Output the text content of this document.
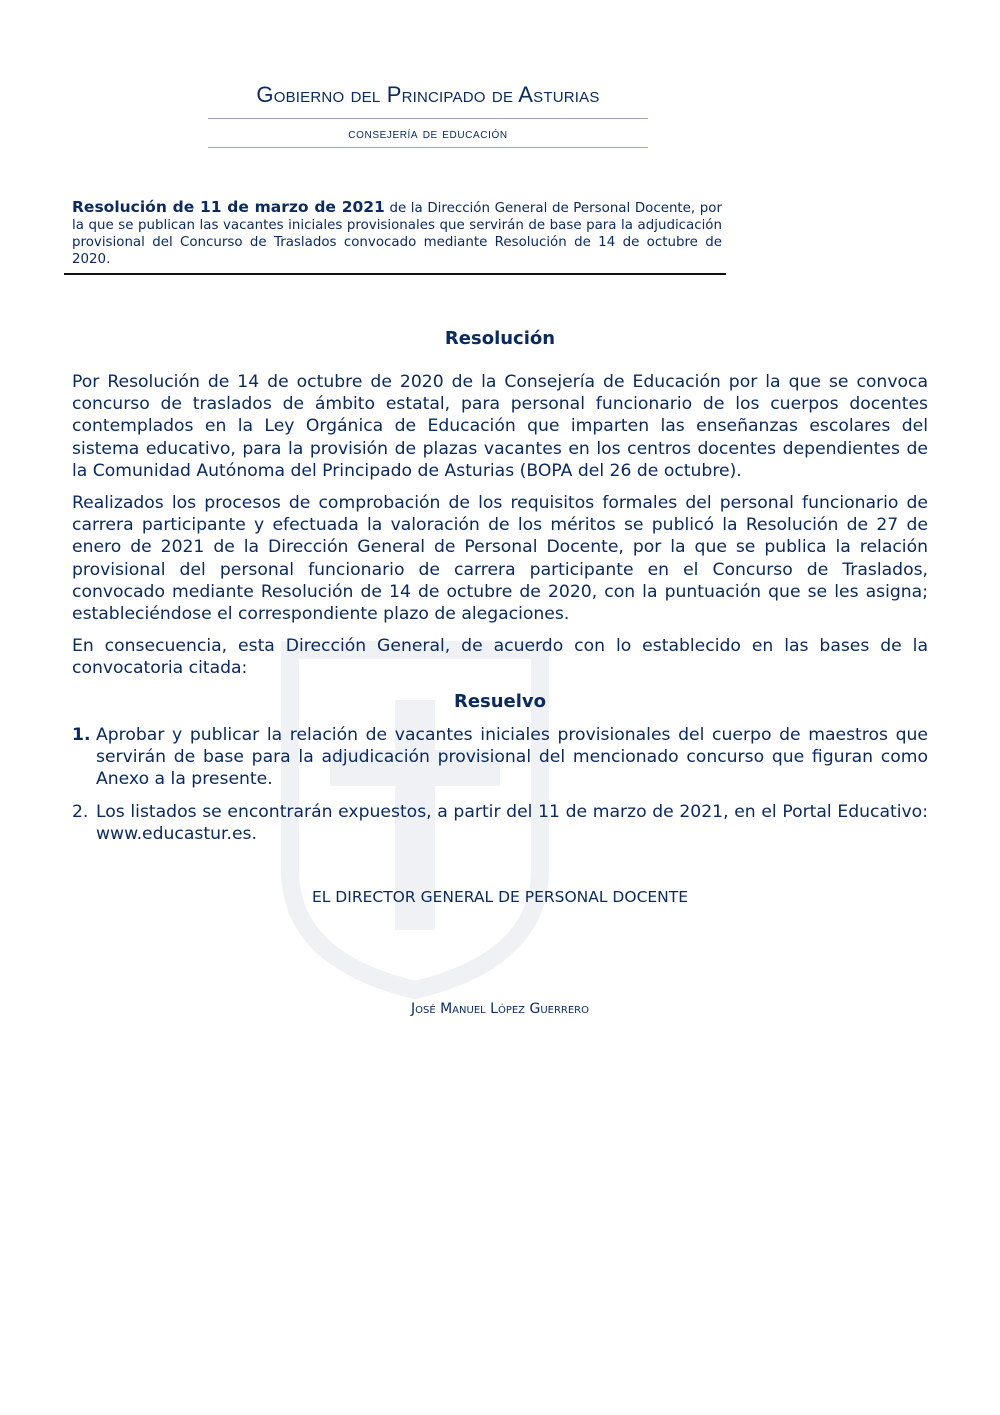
Gobierno del Principado de Asturias
consejería de educación
Resolución de 11 de marzo de 2021 de la Dirección General de Personal Docente, por la que se publican las vacantes iniciales provisionales que servirán de base para la adjudicación provisional del Concurso de Traslados convocado mediante Resolución de 14 de octubre de 2020.
Resolución

Por Resolución de 14 de octubre de 2020 de la Consejería de Educación por la que se convoca concurso de traslados de ámbito estatal, para personal funcionario de los cuerpos docentes contemplados en la Ley Orgánica de Educación que imparten las enseñanzas escolares del sistema educativo, para la provisión de plazas vacantes en los centros docentes dependientes de la Comunidad Autónoma del Principado de Asturias (BOPA del 26 de octubre).

Realizados los procesos de comprobación de los requisitos formales del personal funcionario de carrera participante y efectuada la valoración de los méritos se publicó la Resolución de 27 de enero de 2021 de la Dirección General de Personal Docente, por la que se publica la relación provisional del personal funcionario de carrera participante en el Concurso de Traslados, convocado mediante Resolución de 14 de octubre de 2020, con la puntuación que se les asigna; estableciéndose el correspondiente plazo de alegaciones.

En consecuencia, esta Dirección General, de acuerdo con lo establecido en las bases de la convocatoria citada:

Resuelvo
1. Aprobar y publicar la relación de vacantes iniciales provisionales del cuerpo de maestros que servirán de base para la adjudicación provisional del mencionado concurso que figuran como Anexo a la presente.
2. Los listados se encontrarán expuestos, a partir del 11 de marzo de 2021, en el Portal Educativo: www.educastur.es.
EL DIRECTOR GENERAL DE PERSONAL DOCENTE
José Manuel López Guerrero
